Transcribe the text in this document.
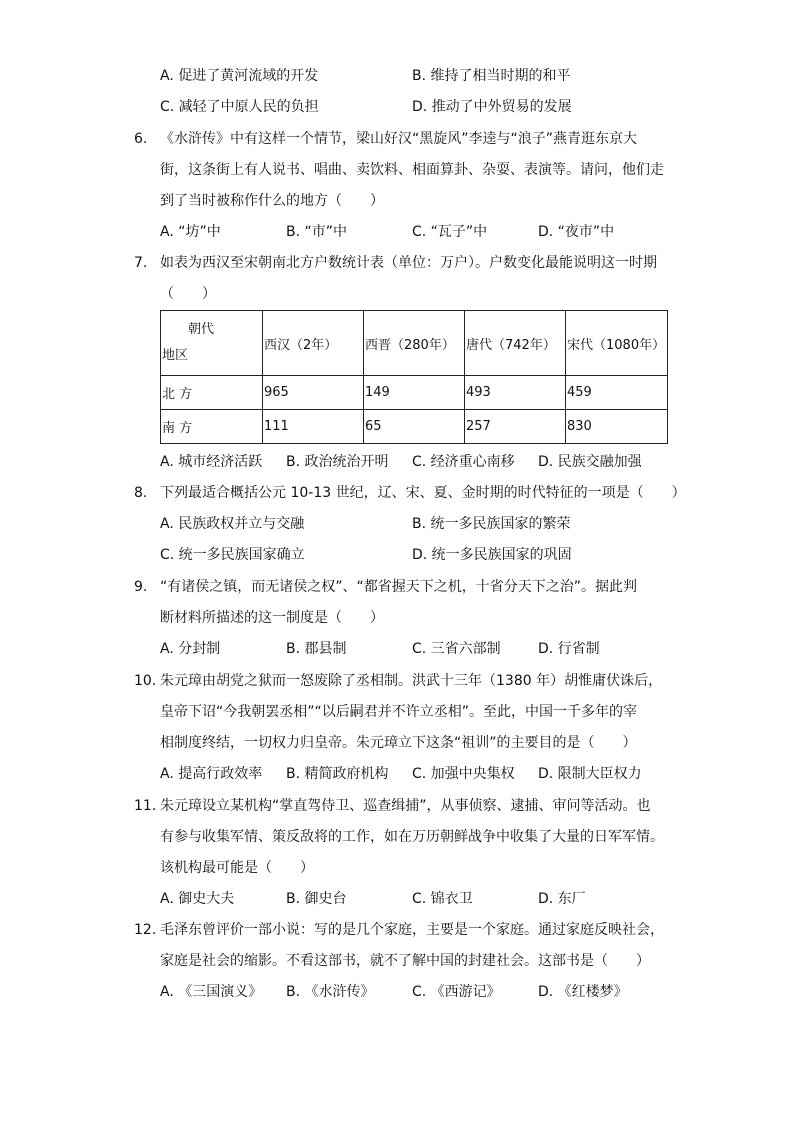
A. 促进了黄河流域的开发	B. 维持了相当时期的和平
C. 减轻了中原人民的负担	D. 推动了中外贸易的发展
6. 《水浒传》中有这样一个情节，梁山好汉“黑旋风”李逵与“浪子”燕青逛东京大
街，这条街上有人说书、唱曲、卖饮料、相面算卦、杂耍、表演等。请问，他们走
到了当时被称作什么的地方（　　）
A. “坊”中	B. “市”中	C. “瓦子”中	D. “夜市”中
7. 如表为西汉至宋朝南北方户数统计表（单位：万户）。户数变化最能说明这一时期
（　　）
朝代
地区	西汉（2年）	西晋（280年）	唐代（742年）	宋代（1080年）
北 方	965	149	493	459
南 方	111	65	257	830
A. 城市经济活跃 B. 政治统治开明 C. 经济重心南移 D. 民族交融加强
8. 下列最适合概括公元 10-13 世纪，辽、宋、夏、金时期的时代特征的一项是（　　）
A. 民族政权并立与交融	B. 统一多民族国家的繁荣
C. 统一多民族国家确立	D. 统一多民族国家的巩固
9. “有诸侯之镇，而无诸侯之权”、“都省握天下之机，十省分天下之治”。据此判
断材料所描述的这一制度是（　　）
A. 分封制	B. 郡县制	C. 三省六部制	D. 行省制
10. 朱元璋由胡党之狱而一怒废除了丞相制。洪武十三年（1380 年）胡惟庸伏诛后，
皇帝下诏“今我朝罢丞相”“以后嗣君并不许立丞相”。至此，中国一千多年的宰
相制度终结，一切权力归皇帝。朱元璋立下这条“祖训”的主要目的是（　　）
A. 提高行政效率 B. 精简政府机构 C. 加强中央集权 D. 限制大臣权力
11. 朱元璋设立某机构“掌直驾侍卫、巡查缉捕”，从事侦察、逮捕、审问等活动。也
有参与收集军情、策反敌将的工作，如在万历朝鲜战争中收集了大量的日军军情。
该机构最可能是（　　）
A. 御史大夫	B. 御史台	C. 锦衣卫	D. 东厂
12. 毛泽东曾评价一部小说：写的是几个家庭，主要是一个家庭。通过家庭反映社会，
家庭是社会的缩影。不看这部书，就不了解中国的封建社会。这部书是（　　）
A. 《三国演义》 B. 《水浒传》	C. 《西游记》	D. 《红楼梦》
